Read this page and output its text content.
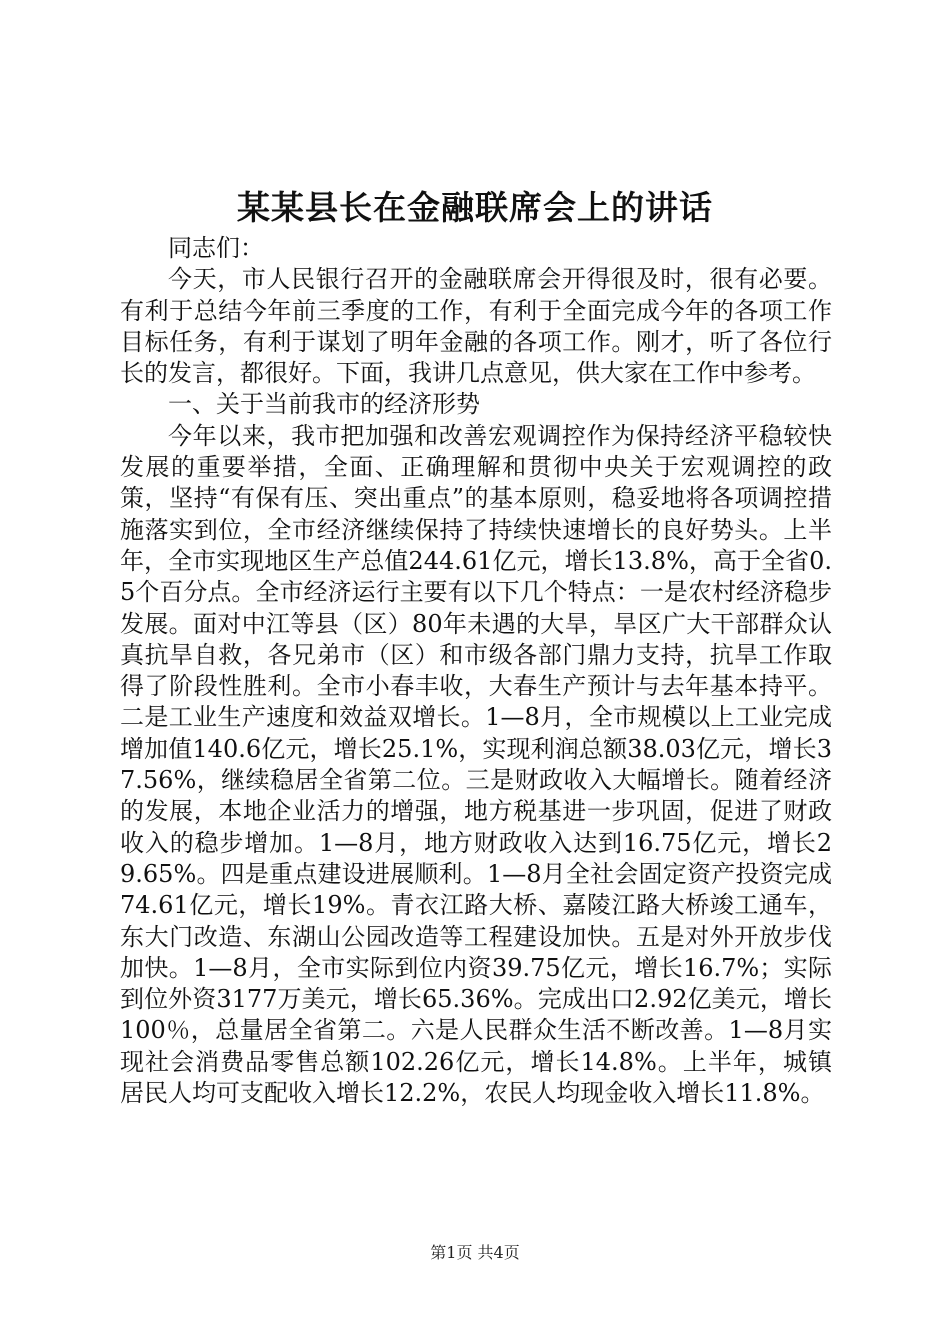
某某县长在金融联席会上的讲话

同志们：

今天，市人民银行召开的金融联席会开得很及时，很有必要。有利于总结今年前三季度的工作，有利于全面完成今年的各项工作目标任务，有利于谋划了明年金融的各项工作。刚才，听了各位行长的发言，都很好。下面，我讲几点意见，供大家在工作中参考。

一、关于当前我市的经济形势

今年以来，我市把加强和改善宏观调控作为保持经济平稳较快发展的重要举措，全面、正确理解和贯彻中央关于宏观调控的政策，坚持“有保有压、突出重点”的基本原则，稳妥地将各项调控措施落实到位，全市经济继续保持了持续快速增长的良好势头。上半年，全市实现地区生产总值244.61亿元，增长13.8%，高于全省0.5个百分点。全市经济运行主要有以下几个特点：一是农村经济稳步发展。面对中江等县（区）80年未遇的大旱，旱区广大干部群众认真抗旱自救，各兄弟市（区）和市级各部门鼎力支持，抗旱工作取得了阶段性胜利。全市小春丰收，大春生产预计与去年基本持平。二是工业生产速度和效益双增长。1—8月，全市规模以上工业完成增加值140.6亿元，增长25.1%，实现利润总额38.03亿元，增长37.56%，继续稳居全省第二位。三是财政收入大幅增长。随着经济的发展，本地企业活力的增强，地方税基进一步巩固，促进了财政收入的稳步增加。1—8月，地方财政收入达到16.75亿元，增长29.65%。四是重点建设进展顺利。1—8月全社会固定资产投资完成74.61亿元，增长19%。青衣江路大桥、嘉陵江路大桥竣工通车，东大门改造、东湖山公园改造等工程建设加快。五是对外开放步伐加快。1—8月，全市实际到位内资39.75亿元，增长16.7%；实际到位外资3177万美元，增长65.36%。完成出口2.92亿美元，增长100％，总量居全省第二。六是人民群众生活不断改善。1—8月实现社会消费品零售总额102.26亿元，增长14.8%。上半年，城镇居民人均可支配收入增长12.2%，农民人均现金收入增长11.8%。

第1页 共4页
